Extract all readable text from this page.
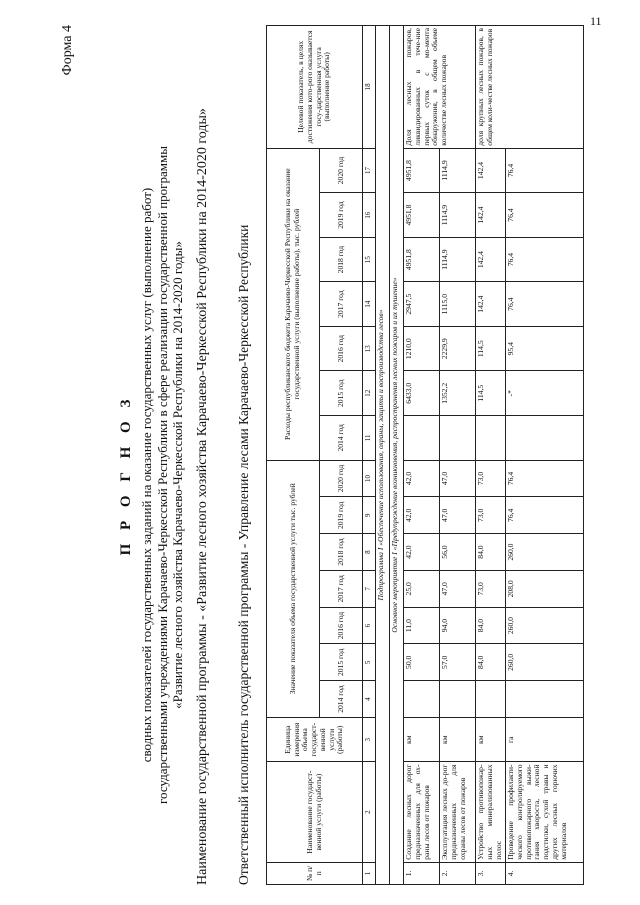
11
Форма 4
П Р О Г Н О З сводных показателей государственных заданий на оказание государственных услуг (выполнение работ) государственными учреждениями Карачаево-Черкесской Республики в сфере реализации государственной программы «Развитие лесного хозяйства Карачаево-Черкесской Республики на 2014-2020 годы» Наименование государственной программы - «Развитие лесного хозяйства Карачаево-Черкесской Республики на 2014-2020 годы» Ответственный исполнитель государственной программы - Управление лесами Карачаево-Черкесской Республики	№ п/п	Наименование государст-венной услуги (работы)	Единица измерения объема государст-венной услуги (работы)	Значение показателя объема государственной услуги тыс. рублей							Расходы республиканского бюджета Карачаево-Черкесской Республики на оказание государственной услуги (выполнение работы), тыс. рублей							Целевой показатель, в целях достижения кото-рого оказывается госу-дарственная услуга (выполнение работы)
			2014 год	2015 год	2016 год	2017 год	2018 год	2019 год	2020 год	2014 год	2015 год	2016 год	2017 год	2018 год	2019 год	2020 год	
1	2	3	4	5	6	7	8	9	10	11	12	13	14	15	16	17	18
Подпрограмма I «Обеспечение использования, охраны, защиты и воспроизводства лесов»																	
Основное мероприятие I «Предупреждение возникновения, распространения лесных пожаров и их тушение»																	
1.	Создание лесных дорог предназначенных для ох-раны лесов от пожаров	км		50,0	11,0	25,0	42,0	42,0	42,0		6433,0	1210,0	2947,5	4951,8	4951,8	4951,8	Доля лесных пожаров, ликвидированных в тече-ние первых суток с мо-мента обнаружения, в общем объеме количестве лесных пожаров
2.	Эксплуатация лесных до-рог предназначенных для охраны лесов от пожаров	км		57,0	94,0	47,0	56,0	47,0	47,0		1352,2	2229,9	1115,0	1114,9	1114,9	1114,9	
3.	Устройство противопожар-ных минерализованных полос	км		84,0	84,0	73,0	84,0	73,0	73,0		114,5	114,5	142,4	142,4	142,4	142,4	доля крупных лесных пожаров, в общем коли-честве лесных пожаров
4.	Проведение профилакти-ческого контролируемого противопожарного выжи-гания хвороста, лесной подстилки, сухой травы и других лесных горючих материалов	га		260,0	260,0	208,0	260,0	76,4	76,4		-*	95,4	76,4	76,4	76,4	76,4	
